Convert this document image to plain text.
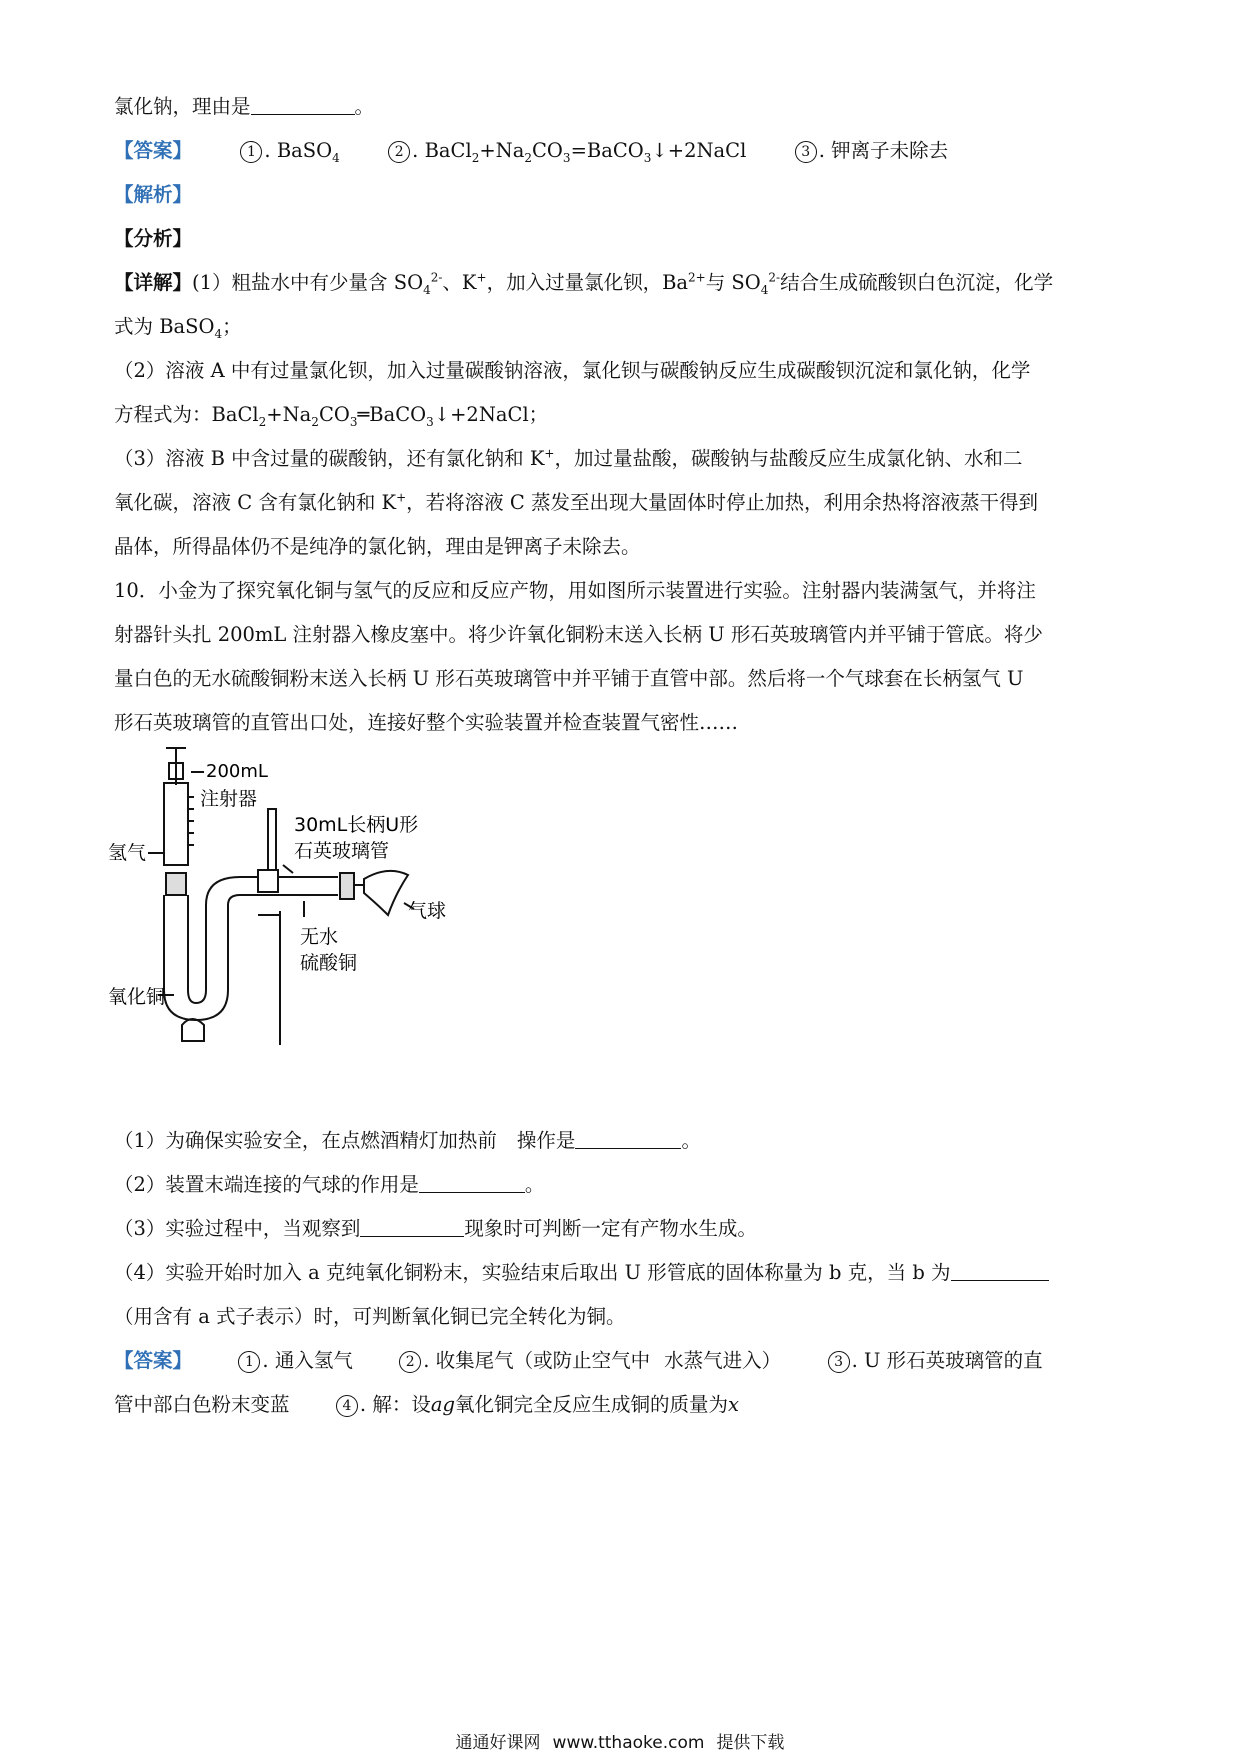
氯化钠，理由是	。
【答案】	1 . BaSO$_4$	2 . $BaCl_2+Na_2CO_3=BaCO_3↓+2NaCl$	3 . 钾离子未除去
【解析】
【分析】
【详解】(1）粗盐水中有少量含 $SO_4^{2-}$、K+，加入过量氯化钡，$Ba^{2+}$与 $SO_4^{2-}$结合生成硫酸钡白色沉淀，化学
式为 BaSO$_4$；
（2）溶液 A 中有过量氯化钡，加入过量碳酸钠溶液，氯化钡与碳酸钠反应生成碳酸钡沉淀和氯化钠，化学
方程式为：$BaCl_2+Na_2CO_3═BaCO_3↓+2NaCl$；
（3）溶液 B 中含过量的碳酸钠，还有氯化钠和 K+，加过量盐酸，碳酸钠与盐酸反应生成氯化钠、水和二
氧化碳，溶液 C 含有氯化钠和 K+，若将溶液 C 蒸发至出现大量固体时停止加热，利用余热将溶液蒸干得到
晶体，所得晶体仍不是纯净的氯化钠，理由是钾离子未除去。
10．小金为了探究氧化铜与氢气的反应和反应产物，用如图所示装置进行实验。注射器内装满氢气，并将注
射器针头扎 200mL 注射器入橡皮塞中。将少许氧化铜粉末送入长柄 U 形石英玻璃管内并平铺于管底。将少
量白色的无水硫酸铜粉末送入长柄 U 形石英玻璃管中并平铺于直管中部。然后将一个气球套在长柄氢气 U
形石英玻璃管的直管出口处，连接好整个实验装置并检查装置气密性……
（1）为确保实验安全，在点燃酒精灯加热前 操作是	。
（2）装置末端连接的气球的作用是	。
（3）实验过程中，当观察到	现象时可判断一定有产物水生成。
（4）实验开始时加入 a 克纯氧化铜粉末，实验结束后取出 U 形管底的固体称量为 b 克，当 b 为
（用含有 a 式子表示）时，可判断氧化铜已完全转化为铜。
【答案】	1 . 通入氢气	2 . 收集尾气（或防止空气中 水蒸气进入）	3 . U 形石英玻璃管的直
管中部白色粉末变蓝	4 . 解：设ag氧化铜完全反应生成铜的质量为x
200mL
注射器
氢气
30mL长柄U形
石英玻璃管
气球
无水
硫酸铜
氧化铜
通通好课网 www.tthaoke.com 提供下载
